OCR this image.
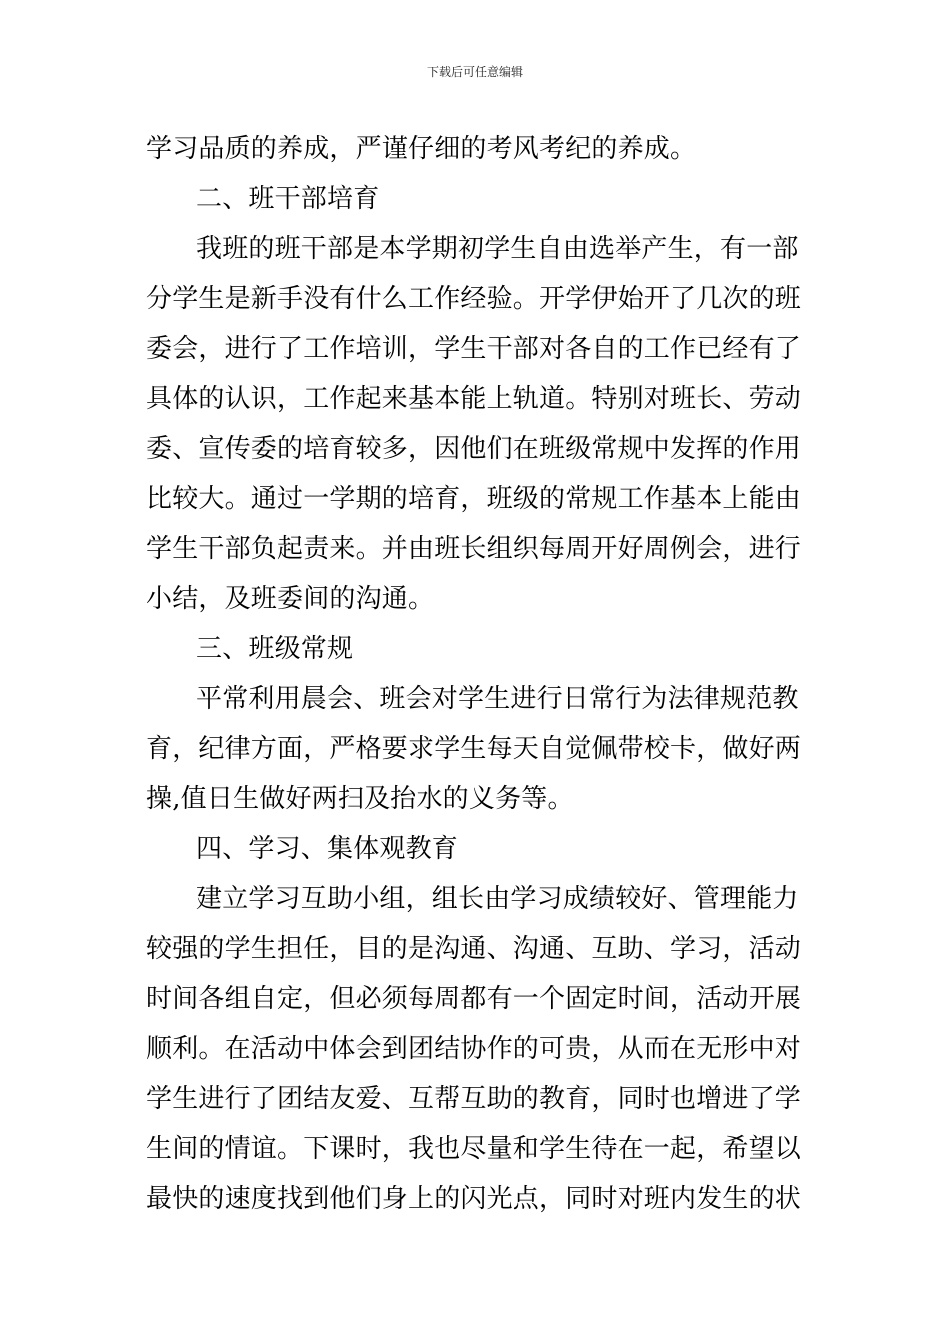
下载后可任意编辑
学习品质的养成，严谨仔细的考风考纪的养成。
二、班干部培育
我班的班干部是本学期初学生自由选举产生，有一部
分学生是新手没有什么工作经验。开学伊始开了几次的班
委会，进行了工作培训，学生干部对各自的工作已经有了
具体的认识，工作起来基本能上轨道。特别对班长、劳动
委、宣传委的培育较多，因他们在班级常规中发挥的作用
比较大。通过一学期的培育，班级的常规工作基本上能由
学生干部负起责来。并由班长组织每周开好周例会，进行
小结，及班委间的沟通。
三、班级常规
平常利用晨会、班会对学生进行日常行为法律规范教
育，纪律方面，严格要求学生每天自觉佩带校卡，做好两
操,值日生做好两扫及抬水的义务等。
四、学习、集体观教育
建立学习互助小组，组长由学习成绩较好、管理能力
较强的学生担任，目的是沟通、沟通、互助、学习，活动
时间各组自定，但必须每周都有一个固定时间，活动开展
顺利。在活动中体会到团结协作的可贵，从而在无形中对
学生进行了团结友爱、互帮互助的教育，同时也增进了学
生间的情谊。下课时，我也尽量和学生待在一起，希望以
最快的速度找到他们身上的闪光点，同时对班内发生的状
